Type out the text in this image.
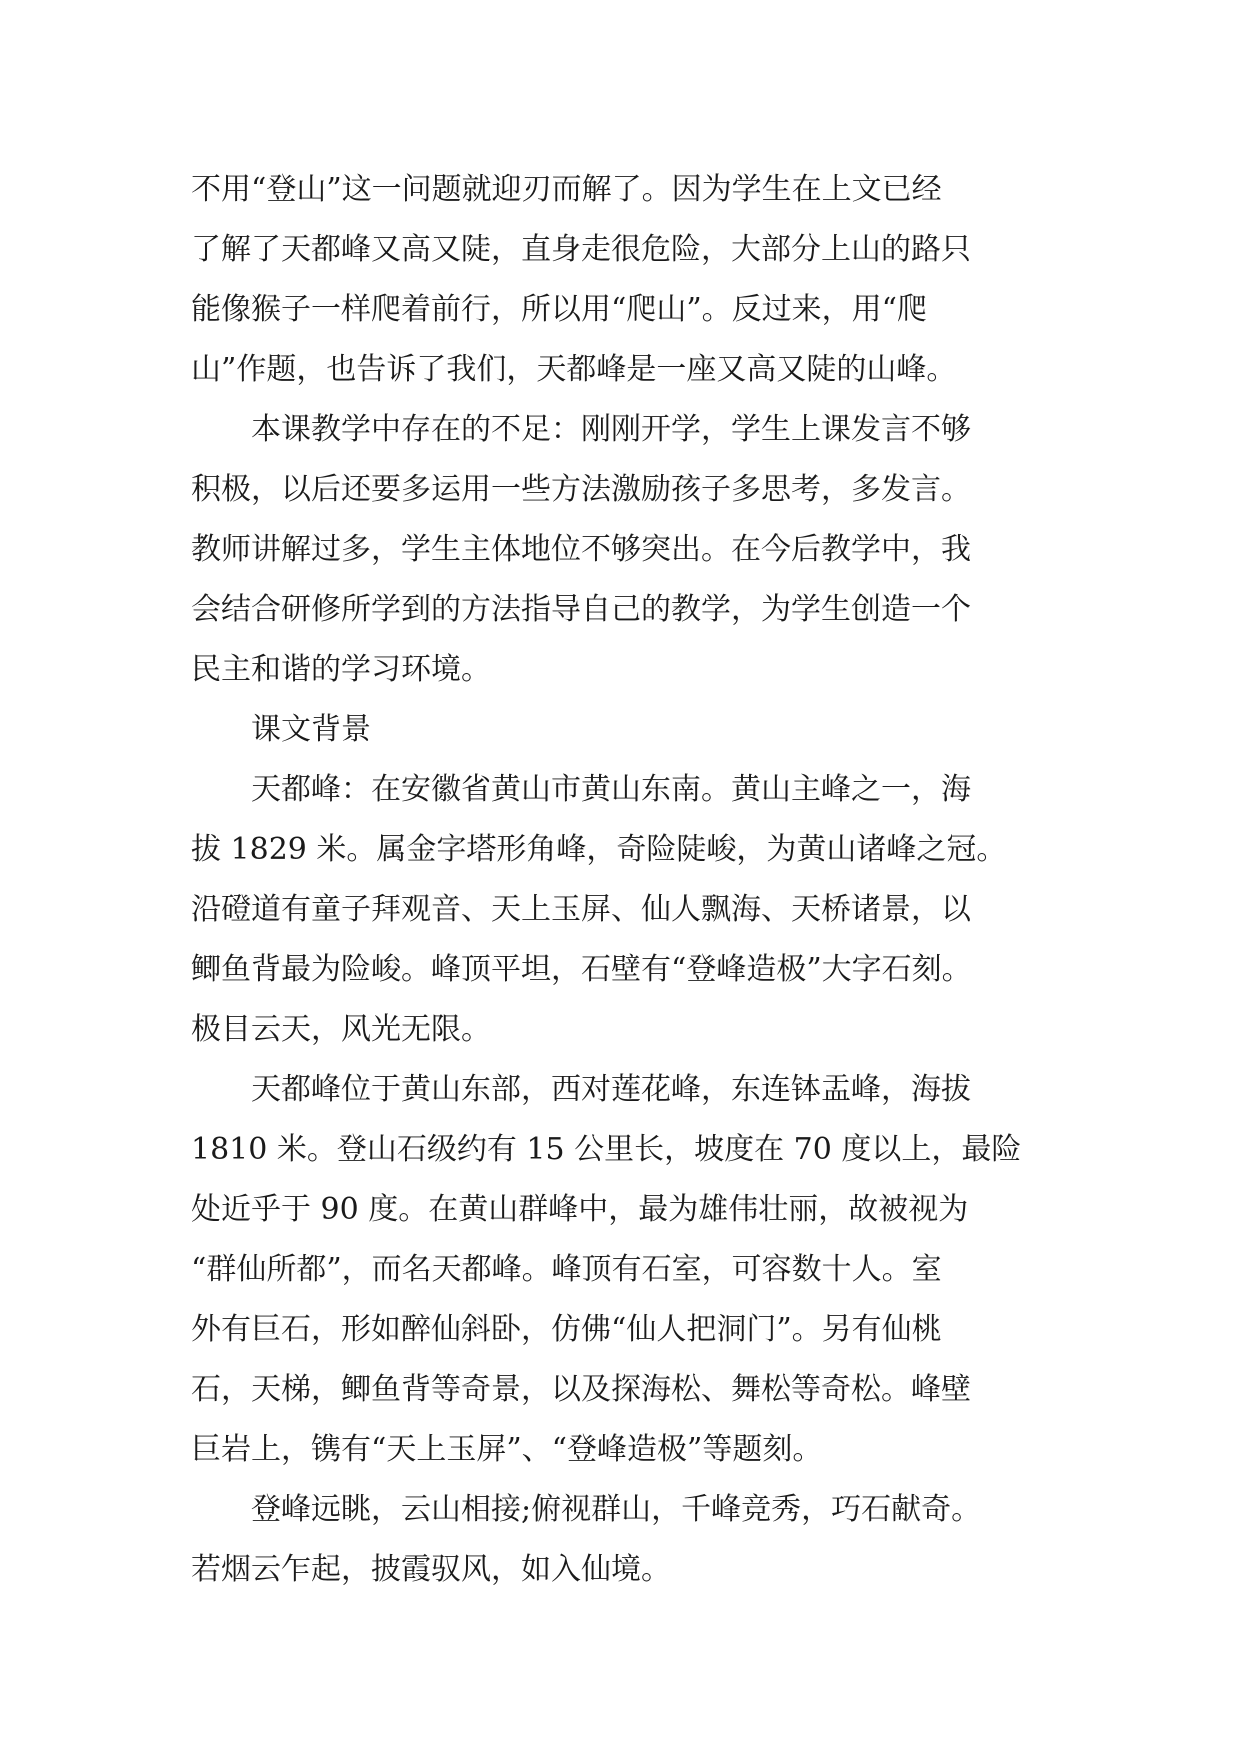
不用“登山”这一问题就迎刃而解了。因为学生在上文已经
了解了天都峰又高又陡，直身走很危险，大部分上山的路只
能像猴子一样爬着前行，所以用“爬山”。反过来，用“爬
山”作题，也告诉了我们，天都峰是一座又高又陡的山峰。
本课教学中存在的不足：刚刚开学，学生上课发言不够
积极，以后还要多运用一些方法激励孩子多思考，多发言。
教师讲解过多，学生主体地位不够突出。在今后教学中，我
会结合研修所学到的方法指导自己的教学，为学生创造一个
民主和谐的学习环境。
课文背景
天都峰：在安徽省黄山市黄山东南。黄山主峰之一，海
拔 1829 米。属金字塔形角峰，奇险陡峻，为黄山诸峰之冠。
沿磴道有童子拜观音、天上玉屏、仙人飘海、天桥诸景，以
鲫鱼背最为险峻。峰顶平坦，石壁有“登峰造极”大字石刻。
极目云天，风光无限。
天都峰位于黄山东部，西对莲花峰，东连钵盂峰，海拔
1810 米。登山石级约有 15 公里长，坡度在 70 度以上，最险
处近乎于 90 度。在黄山群峰中，最为雄伟壮丽，故被视为
“群仙所都”，而名天都峰。峰顶有石室，可容数十人。室
外有巨石，形如醉仙斜卧，仿佛“仙人把洞门”。另有仙桃
石，天梯，鲫鱼背等奇景，以及探海松、舞松等奇松。峰壁
巨岩上，镌有“天上玉屏”、“登峰造极”等题刻。
登峰远眺，云山相接;俯视群山，千峰竞秀，巧石献奇。
若烟云乍起，披霞驭风，如入仙境。
